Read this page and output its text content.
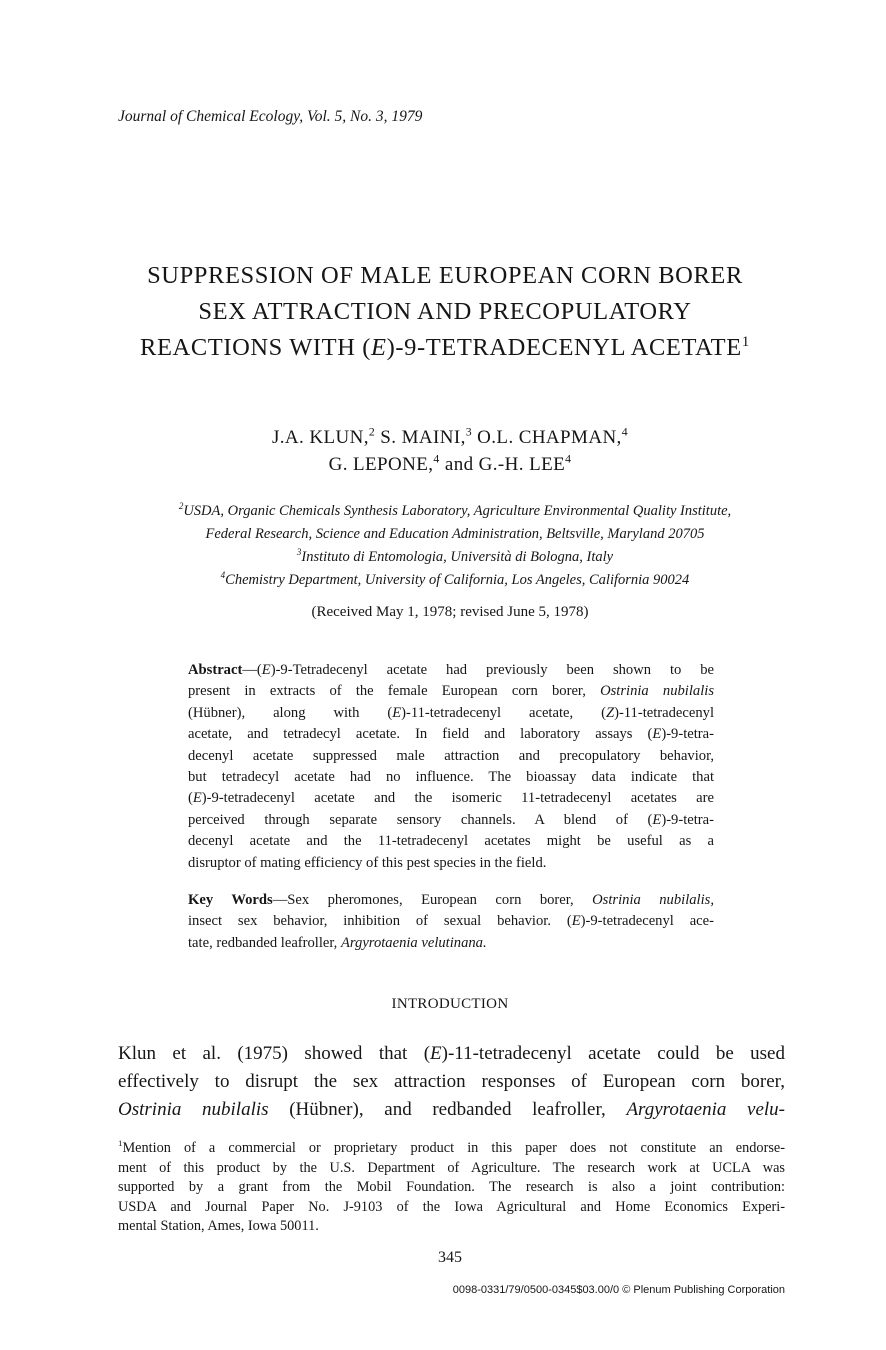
Journal of Chemical Ecology, Vol. 5, No. 3, 1979
SUPPRESSION OF MALE EUROPEAN CORN BORER
SEX ATTRACTION AND PRECOPULATORY
REACTIONS WITH (E)-9-TETRADECENYL ACETATE$^1$
J.A. KLUN,$^2$ S. MAINI,$^3$ O.L. CHAPMAN,$^4$
G. LEPONE,$^4$ and G.-H. LEE$^4$
$^2$USDA, Organic Chemicals Synthesis Laboratory, Agriculture Environmental Quality Institute,
Federal Research, Science and Education Administration, Beltsville, Maryland 20705
$^3$Instituto di Entomologia, Università di Bologna, Italy
$^4$Chemistry Department, University of California, Los Angeles, California 90024
(Received May 1, 1978; revised June 5, 1978)
Abstract—(E)-9-Tetradecenyl acetate had previously been shown to be
present in extracts of the female European corn borer, Ostrinia nubilalis
(Hübner), along with (E)-11-tetradecenyl acetate, (Z)-11-tetradecenyl
acetate, and tetradecyl acetate. In field and laboratory assays (E)-9-tetra-
decenyl acetate suppressed male attraction and precopulatory behavior,
but tetradecyl acetate had no influence. The bioassay data indicate that
(E)-9-tetradecenyl acetate and the isomeric 11-tetradecenyl acetates are
perceived through separate sensory channels. A blend of (E)-9-tetra-
decenyl acetate and the 11-tetradecenyl acetates might be useful as a
disruptor of mating efficiency of this pest species in the field.
Key Words—Sex pheromones, European corn borer, Ostrinia nubilalis,
insect sex behavior, inhibition of sexual behavior. (E)-9-tetradecenyl ace-
tate, redbanded leafroller, Argyrotaenia velutinana.
INTRODUCTION
Klun et al. (1975) showed that (E)-11-tetradecenyl acetate could be used
effectively to disrupt the sex attraction responses of European corn borer,
Ostrinia nubilalis (Hübner), and redbanded leafroller, Argyrotaenia velu-
$^1$Mention of a commercial or proprietary product in this paper does not constitute an endorse-
ment of this product by the U.S. Department of Agriculture. The research work at UCLA was
supported by a grant from the Mobil Foundation. The research is also a joint contribution:
USDA and Journal Paper No. J-9103 of the Iowa Agricultural and Home Economics Experi-
mental Station, Ames, Iowa 50011.
345
0098-0331/79/0500-0345$03.00/0 © Plenum Publishing Corporation
